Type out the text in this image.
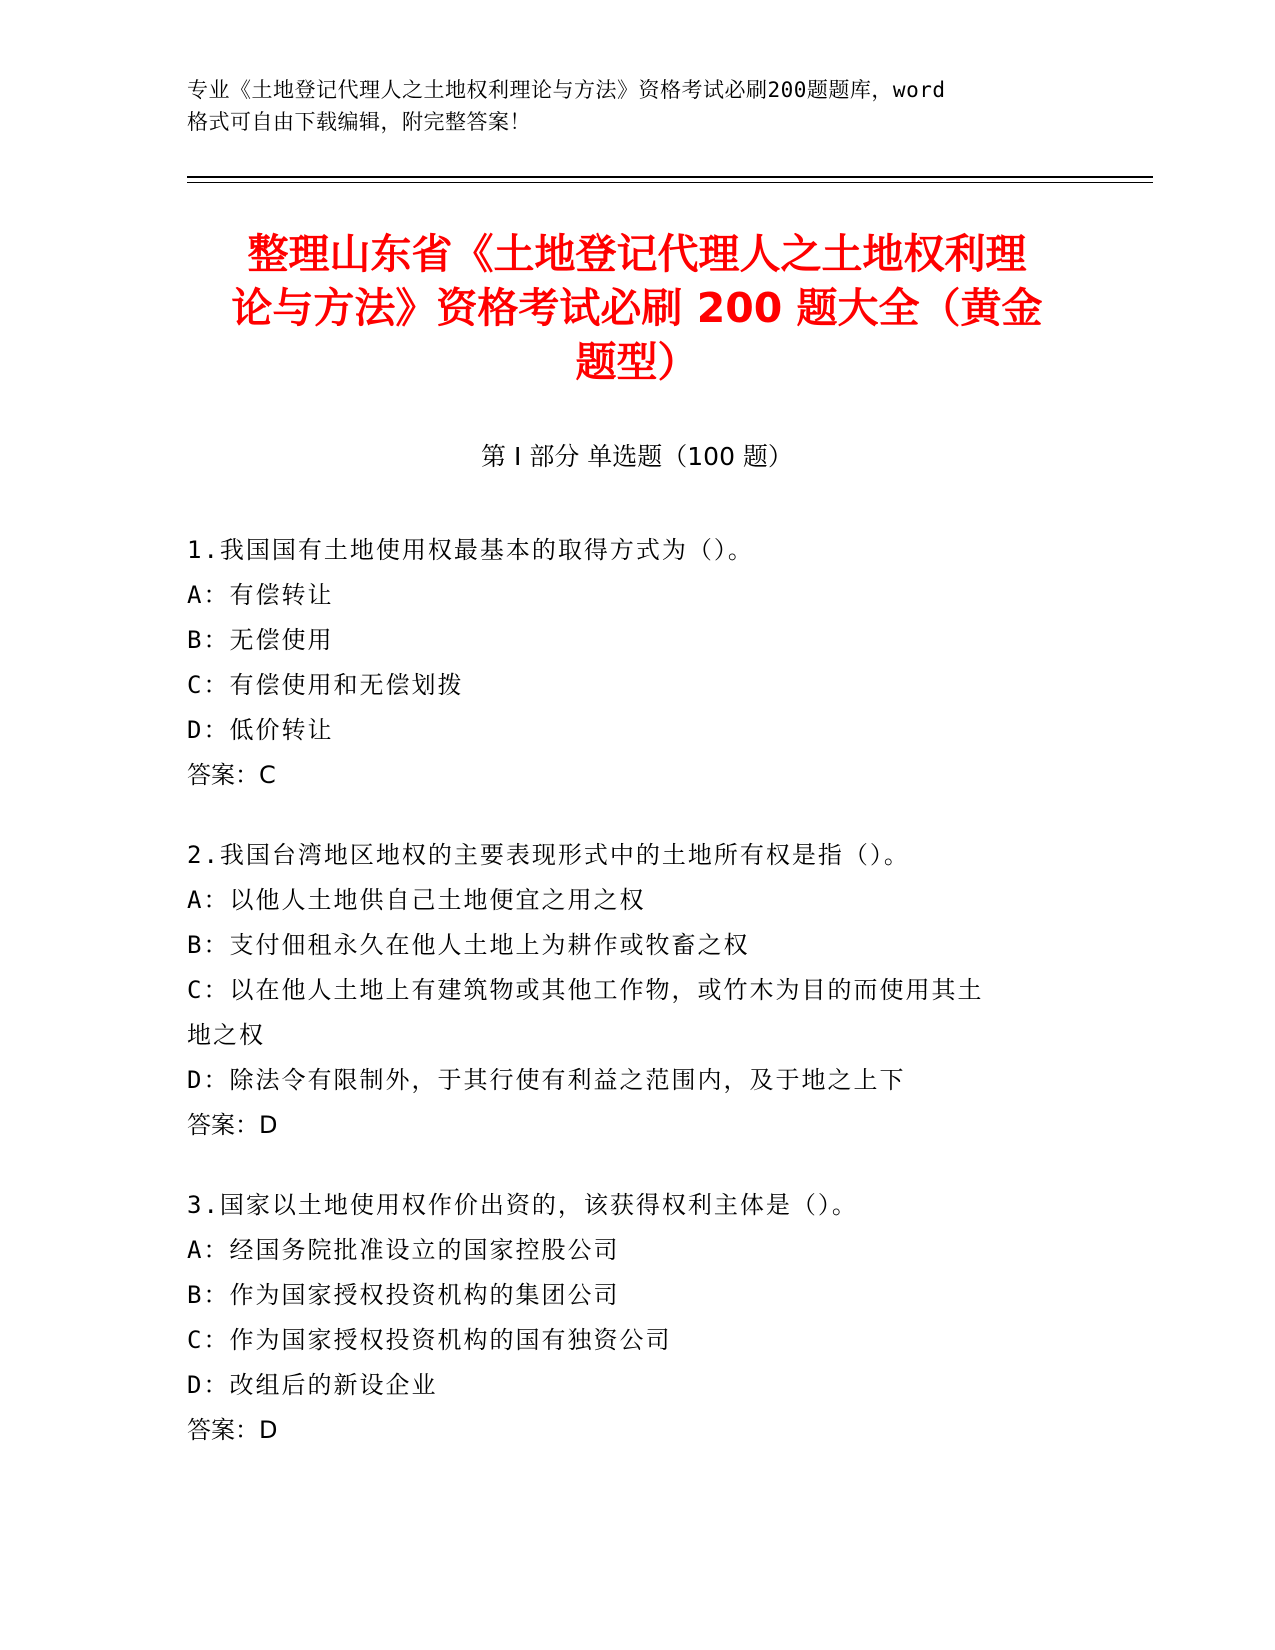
专业《土地登记代理人之土地权利理论与方法》资格考试必刷200题题库，word
格式可自由下载编辑，附完整答案！
整理山东省《土地登记代理人之土地权利理
论与方法》资格考试必刷 200 题大全（黄金
题型）
第 I 部分 单选题（100 题）
1.我国国有土地使用权最基本的取得方式为（）。
A：有偿转让
B：无偿使用
C：有偿使用和无偿划拨
D：低价转让
答案：C
2.我国台湾地区地权的主要表现形式中的土地所有权是指（）。
A：以他人土地供自己土地便宜之用之权
B：支付佃租永久在他人土地上为耕作或牧畜之权
C：以在他人土地上有建筑物或其他工作物，或竹木为目的而使用其土
地之权
D：除法令有限制外，于其行使有利益之范围内，及于地之上下
答案：D
3.国家以土地使用权作价出资的，该获得权利主体是（）。
A：经国务院批准设立的国家控股公司
B：作为国家授权投资机构的集团公司
C：作为国家授权投资机构的国有独资公司
D：改组后的新设企业
答案：D
